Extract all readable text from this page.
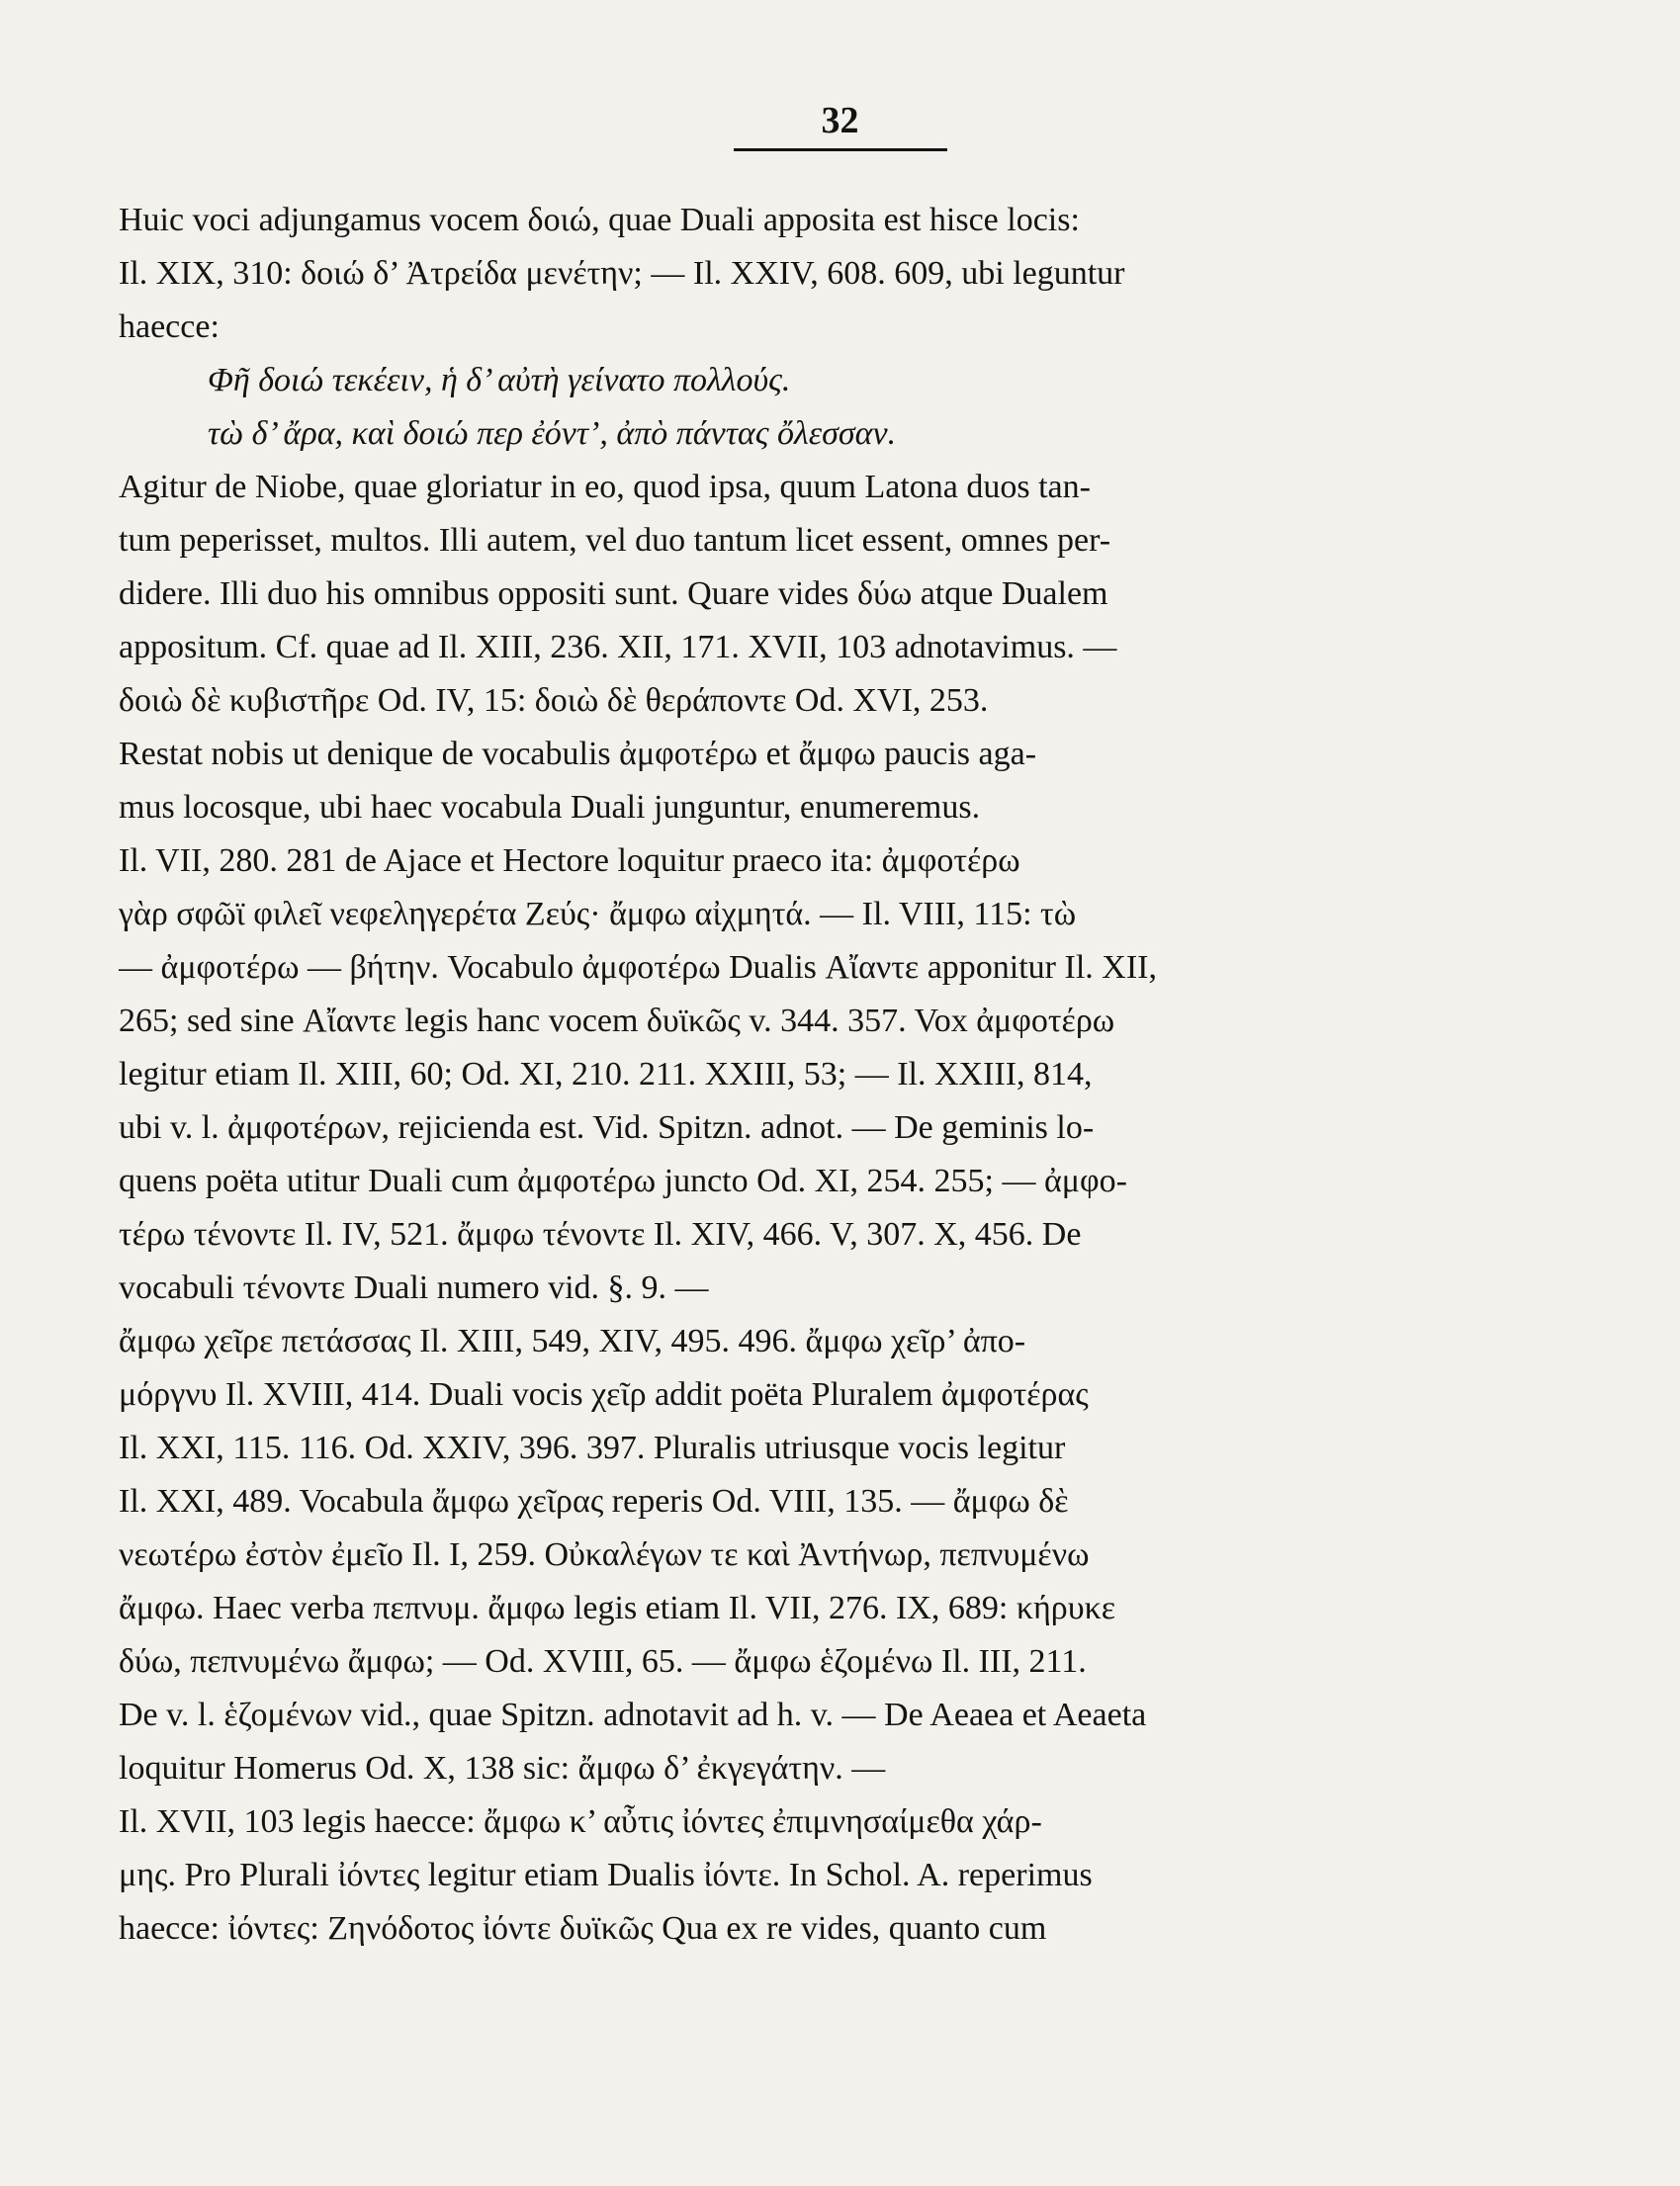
32
Huic voci adjungamus vocem δοιώ, quae Duali apposita est hisce locis:
Il. XIX, 310: δοιώ δ’ Ἀτρείδα μενέτην; — Il. XXIV, 608. 609, ubi leguntur
haecce:
Φῆ δοιώ τεκέειν, ἡ δ’ αὐτὴ γείνατο πολλούς.
τὼ δ’ ἄρα, καὶ δοιώ περ ἐόντ’, ἀπὸ πάντας ὄλεσσαν.
Agitur de Niobe, quae gloriatur in eo, quod ipsa, quum Latona duos tan-
tum peperisset, multos. Illi autem, vel duo tantum licet essent, omnes per-
didere. Illi duo his omnibus oppositi sunt. Quare vides δύω atque Dualem
appositum. Cf. quae ad Il. XIII, 236. XII, 171. XVII, 103 adnotavimus. —
δοιὼ δὲ κυβιστῆρε Od. IV, 15: δοιὼ δὲ θεράποντε Od. XVI, 253.
Restat nobis ut denique de vocabulis ἀμφοτέρω et ἄμφω paucis aga-
mus locosque, ubi haec vocabula Duali junguntur, enumeremus.
Il. VII, 280. 281 de Ajace et Hectore loquitur praeco ita: ἀμφοτέρω
γὰρ σφῶϊ φιλεῖ νεφεληγερέτα Ζεύς· ἄμφω αἰχμητά. — Il. VIII, 115: τὼ
— ἀμφοτέρω — βήτην. Vocabulo ἀμφοτέρω Dualis Αἴαντε apponitur Il. XII,
265; sed sine Αἴαντε legis hanc vocem δυϊκῶς v. 344. 357. Vox ἀμφοτέρω
legitur etiam Il. XIII, 60; Od. XI, 210. 211. XXIII, 53; — Il. XXIII, 814,
ubi v. l. ἀμφοτέρων, rejicienda est. Vid. Spitzn. adnot. — De geminis lo-
quens poëta utitur Duali cum ἀμφοτέρω juncto Od. XI, 254. 255; — ἀμφο-
τέρω τένοντε Il. IV, 521. ἄμφω τένοντε Il. XIV, 466. V, 307. X, 456. De
vocabuli τένοντε Duali numero vid. §. 9. —
ἄμφω χεῖρε πετάσσας Il. XIII, 549, XIV, 495. 496. ἄμφω χεῖρ’ ἀπο-
μόργνυ Il. XVIII, 414. Duali vocis χεῖρ addit poëta Pluralem ἀμφοτέρας
Il. XXI, 115. 116. Od. XXIV, 396. 397. Pluralis utriusque vocis legitur
Il. XXI, 489. Vocabula ἄμφω χεῖρας reperis Od. VIII, 135. — ἄμφω δὲ
νεωτέρω ἐστὸν ἐμεῖο Il. I, 259. Οὐκαλέγων τε καὶ Ἀντήνωρ, πεπνυμένω
ἄμφω. Haec verba πεπνυμ. ἄμφω legis etiam Il. VII, 276. IX, 689: κήρυκε
δύω, πεπνυμένω ἄμφω; — Od. XVIII, 65. — ἄμφω ἑζομένω Il. III, 211.
De v. l. ἑζομένων vid., quae Spitzn. adnotavit ad h. v. — De Aeaea et Aeaeta
loquitur Homerus Od. X, 138 sic: ἄμφω δ’ ἐκγεγάτην. —
Il. XVII, 103 legis haecce: ἄμφω κ’ αὖτις ἰόντες ἐπιμνησαίμεθα χάρ-
μης. Pro Plurali ἰόντες legitur etiam Dualis ἰόντε. In Schol. A. reperimus
haecce: ἰόντες: Ζηνόδοτος ἰόντε δυϊκῶς Qua ex re vides, quanto cum
